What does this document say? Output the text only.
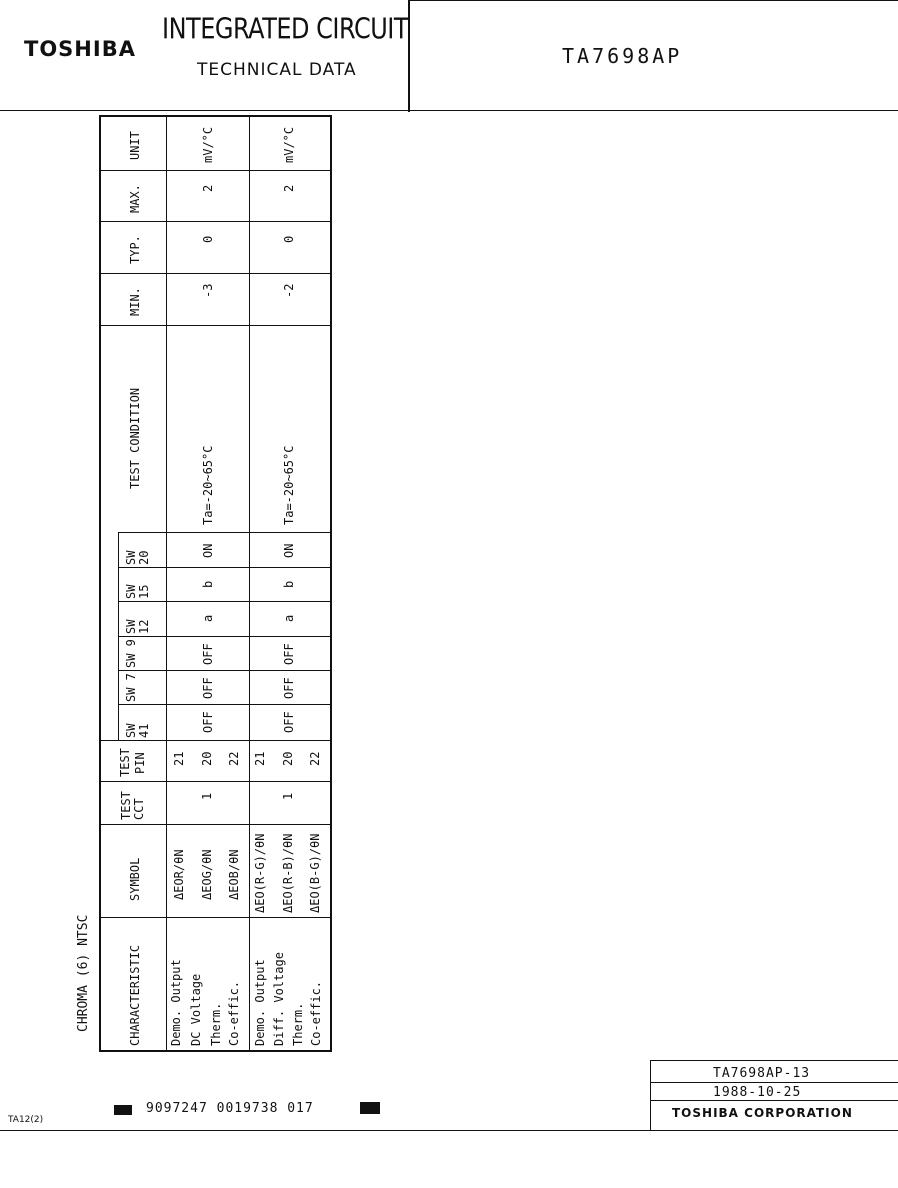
TOSHIBA
INTEGRATED CIRCUIT
TECHNICAL DATA
TA7698AP
CHROMA (6) NTSC
UNIT
MAX.
TYP.
MIN.
TEST CONDITION
SW 20
SW 15
SW 12
SW 9
SW 7
SW 41
TEST PIN
TEST CCT
SYMBOL
CHARACTERISTIC
mV/°C
2
0
-3
Ta=-20~65°C
ON
b
a
OFF
OFF
OFF
21 20 22
1
ΔEOR/θN ΔEOG/θN ΔEOB/θN
Demo. Output DC Voltage Therm. Co-effic.
mV/°C
2
0
-2
Ta=-20~65°C
ON
b
a
OFF
OFF
OFF
21 20 22
1
ΔEO(R-G)/θN ΔEO(R-B)/θN ΔEO(B-G)/θN
Demo. Output Diff. Voltage Therm. Co-effic.
TA7698AP-13
1988-10-25
TOSHIBA CORPORATION
9097247 0019738 017
TA12(2)
